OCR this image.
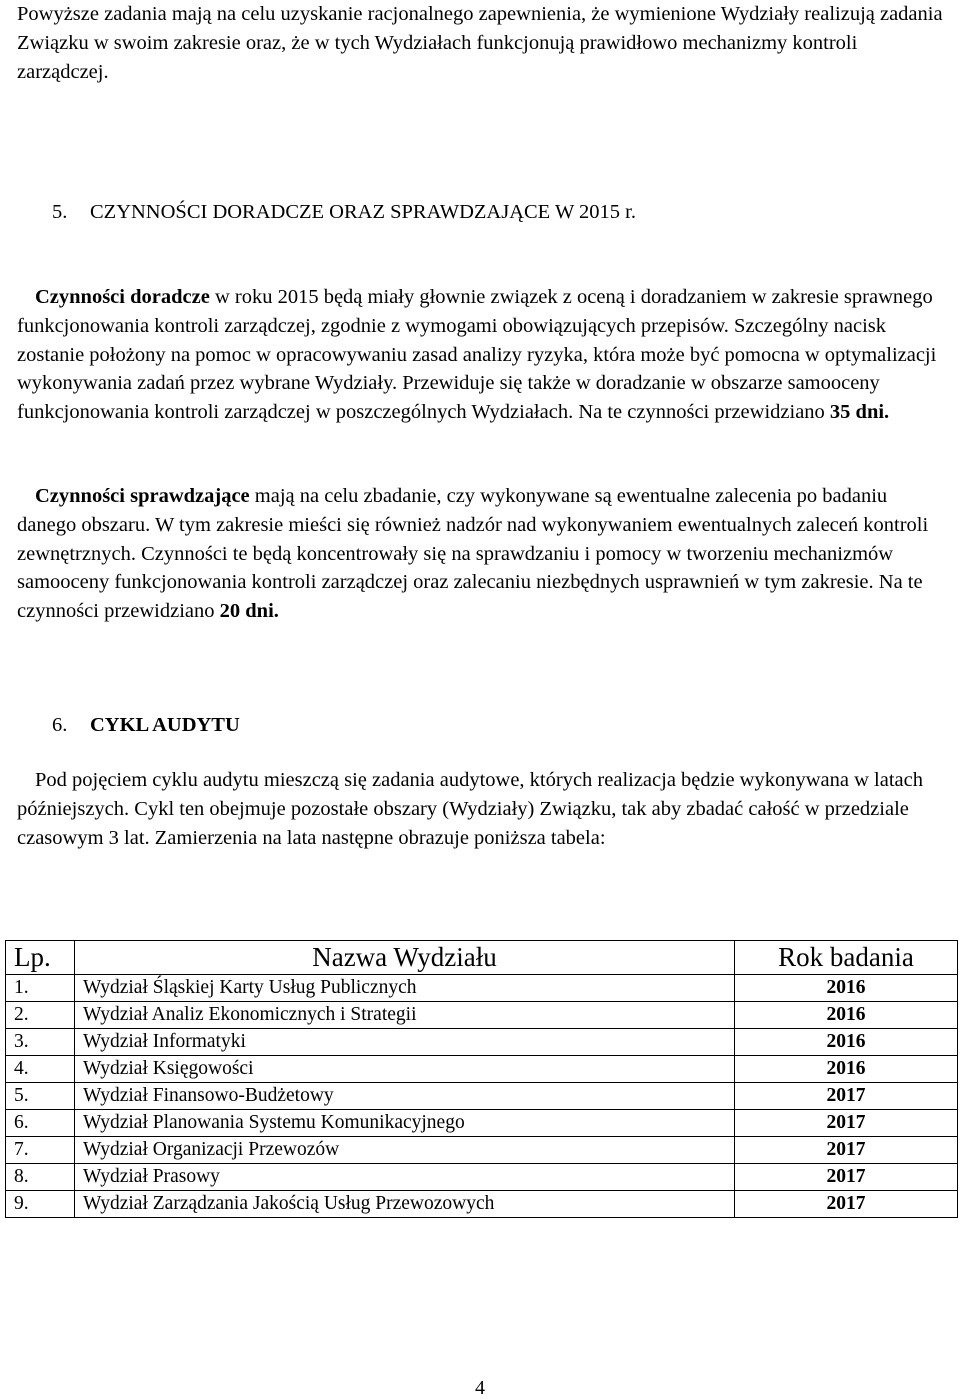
Powyższe zadania mają na celu uzyskanie racjonalnego zapewnienia, że wymienione Wydziały realizują zadania Związku w swoim zakresie oraz, że w tych Wydziałach funkcjonują prawidłowo mechanizmy kontroli zarządczej.

5. CZYNNOŚCI DORADCZE ORAZ SPRAWDZAJĄCE W 2015 r.

Czynności doradcze w roku 2015 będą miały głownie związek z oceną i doradzaniem w zakresie sprawnego funkcjonowania kontroli zarządczej, zgodnie z wymogami obowiązujących przepisów. Szczególny nacisk zostanie położony na pomoc w opracowywaniu zasad analizy ryzyka, która może być pomocna w optymalizacji wykonywania zadań przez wybrane Wydziały. Przewiduje się także w doradzanie w obszarze samooceny funkcjonowania kontroli zarządczej w poszczególnych Wydziałach. Na te czynności przewidziano 35 dni.

Czynności sprawdzające mają na celu zbadanie, czy wykonywane są ewentualne zalecenia po badaniu danego obszaru. W tym zakresie mieści się również nadzór nad wykonywaniem ewentualnych zaleceń kontroli zewnętrznych. Czynności te będą koncentrowały się na sprawdzaniu i pomocy w tworzeniu mechanizmów samooceny funkcjonowania kontroli zarządczej oraz zalecaniu niezbędnych usprawnień w tym zakresie. Na te czynności przewidziano 20 dni.

6. CYKL AUDYTU

Pod pojęciem cyklu audytu mieszczą się zadania audytowe, których realizacja będzie wykonywana w latach późniejszych. Cykl ten obejmuje pozostałe obszary (Wydziały) Związku, tak aby zbadać całość w przedziale czasowym 3 lat. Zamierzenia na lata następne obrazuje poniższa tabela:

Lp.	Nazwa Wydziału	Rok badania
1.	Wydział Śląskiej Karty Usług Publicznych	2016
2.	Wydział Analiz Ekonomicznych i Strategii	2016
3.	Wydział Informatyki	2016
4.	Wydział Księgowości	2016
5.	Wydział Finansowo-Budżetowy	2017
6.	Wydział Planowania Systemu Komunikacyjnego	2017
7.	Wydział Organizacji Przewozów	2017
8.	Wydział Prasowy	2017
9.	Wydział Zarządzania Jakością Usług Przewozowych	2017
4
